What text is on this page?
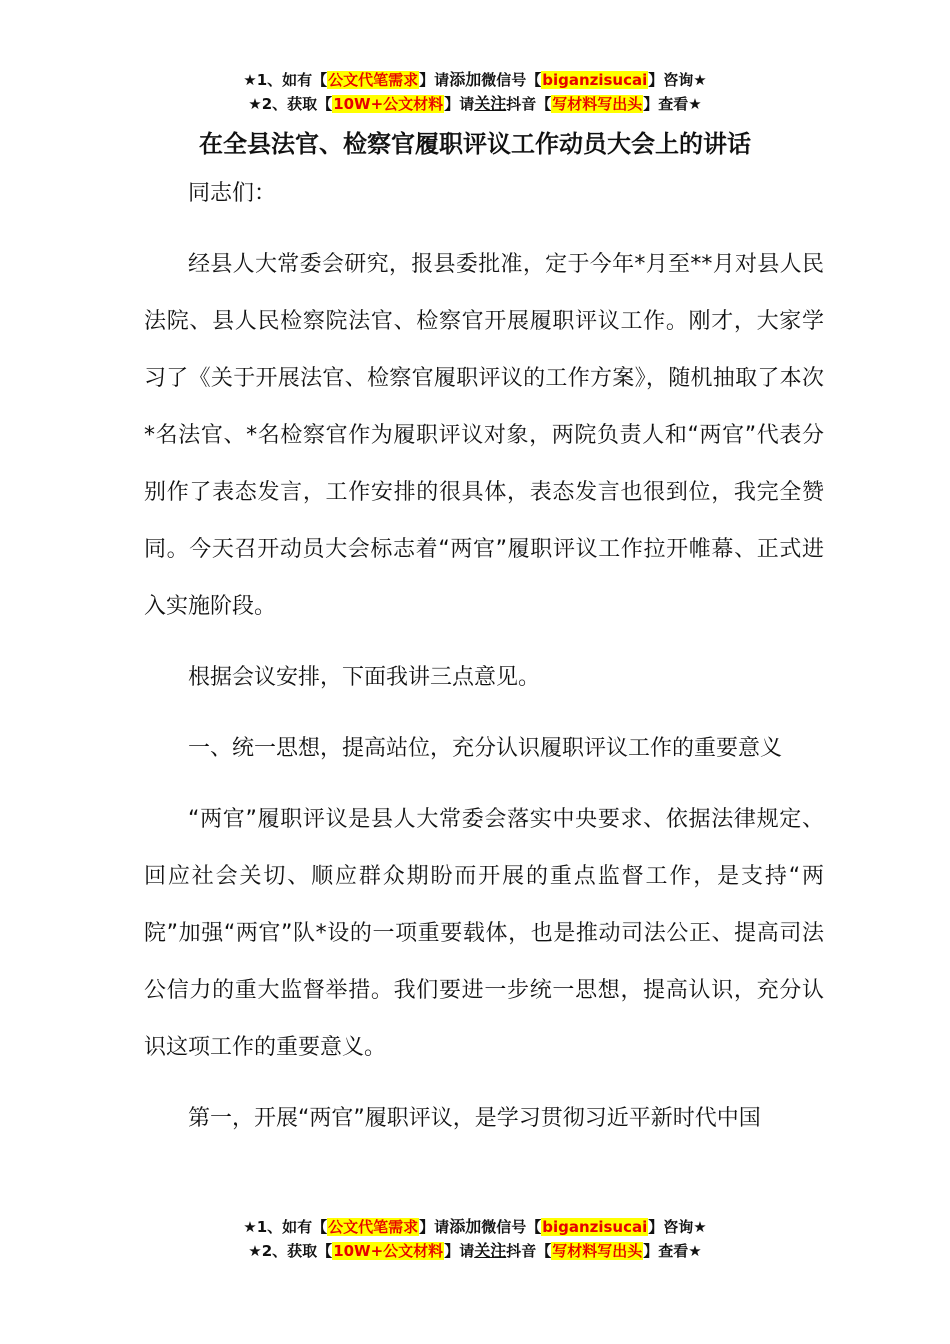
★1、如有【公文代笔需求】请添加微信号【biganzisucai】咨询★
★2、获取【10W+公文材料】请关注抖音【写材料写出头】查看★
在全县法官、检察官履职评议工作动员大会上的讲话

同志们：

经县人大常委会研究，报县委批准，定于今年*月至**月对县人民法院、县人民检察院法官、检察官开展履职评议工作。刚才，大家学习了《关于开展法官、检察官履职评议的工作方案》，随机抽取了本次*名法官、*名检察官作为履职评议对象，两院负责人和“两官”代表分别作了表态发言，工作安排的很具体，表态发言也很到位，我完全赞同。今天召开动员大会标志着“两官”履职评议工作拉开帷幕、正式进入实施阶段。

根据会议安排，下面我讲三点意见。

一、统一思想，提高站位，充分认识履职评议工作的重要意义

“两官”履职评议是县人大常委会落实中央要求、依据法律规定、回应社会关切、顺应群众期盼而开展的重点监督工作，是支持“两院”加强“两官”队*设的一项重要载体，也是推动司法公正、提高司法公信力的重大监督举措。我们要进一步统一思想，提高认识，充分认识这项工作的重要意义。

第一，开展“两官”履职评议，是学习贯彻习近平新时代中国

★1、如有【公文代笔需求】请添加微信号【biganzisucai】咨询★
★2、获取【10W+公文材料】请关注抖音【写材料写出头】查看★
